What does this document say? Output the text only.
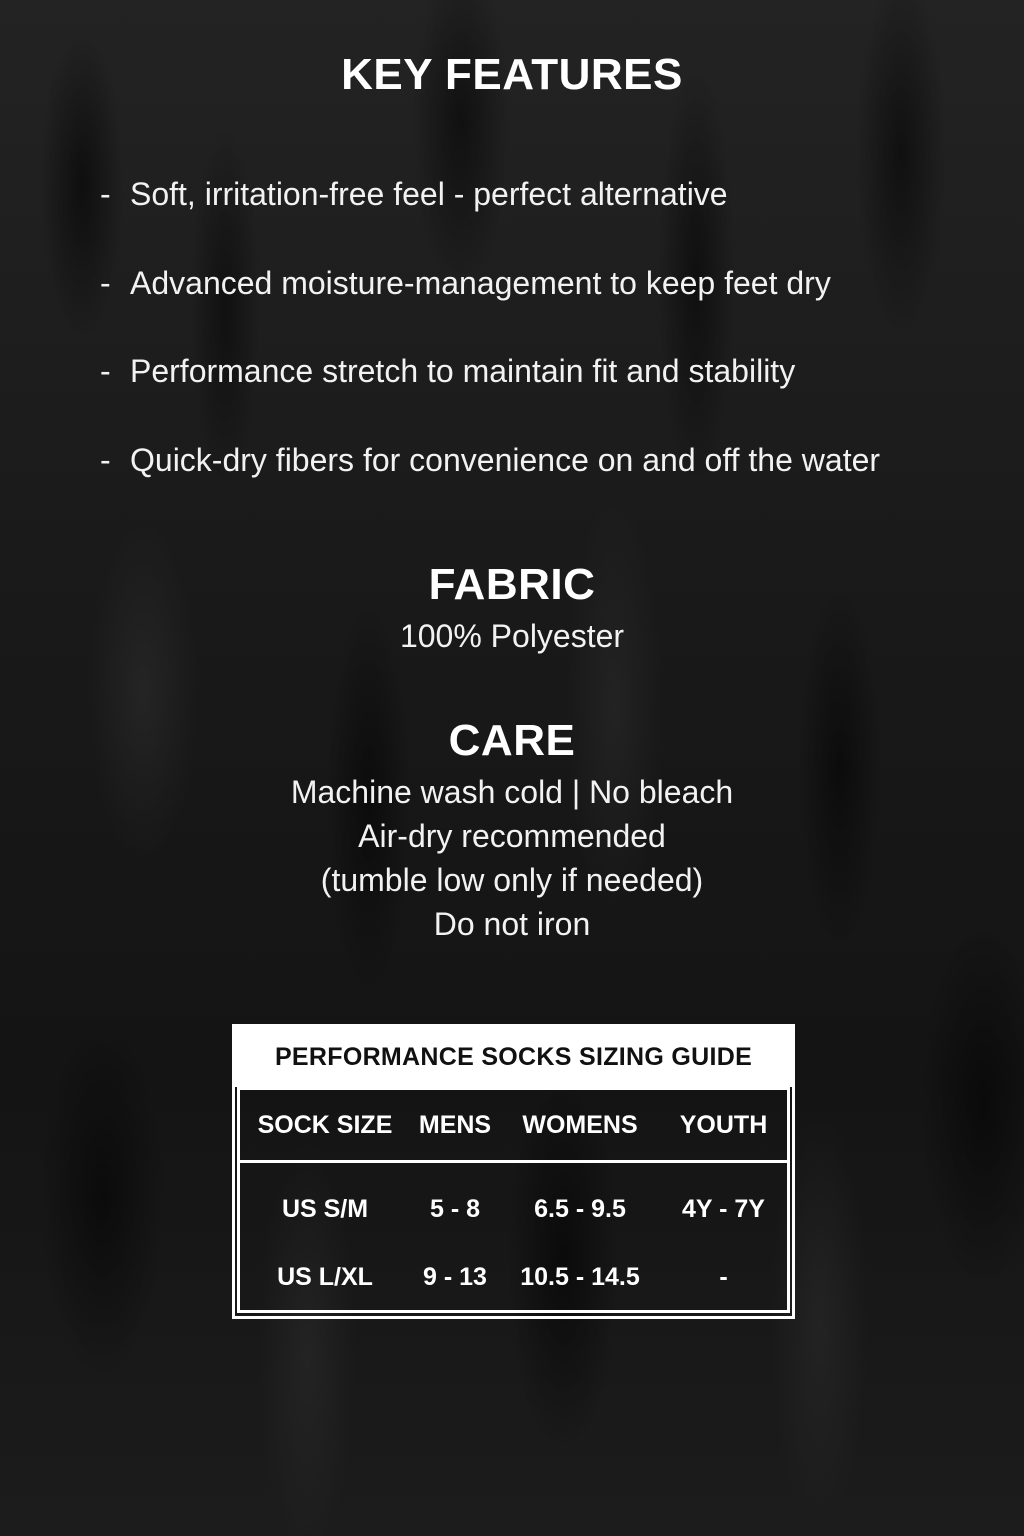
KEY FEATURES
- Soft, irritation-free feel - perfect alternative
- Advanced moisture-management to keep feet dry
- Performance stretch to maintain fit and stability
- Quick-dry fibers for convenience on and off the water
FABRIC
100% Polyester
CARE
Machine wash cold | No bleach
Air-dry recommended
(tumble low only if needed)
Do not iron
PERFORMANCE SOCKS SIZING GUIDE
SOCK SIZE	MENS	WOMENS	YOUTH
US S/M	5 - 8	6.5 - 9.5	4Y - 7Y
US L/XL	9 - 13	10.5 - 14.5	-
